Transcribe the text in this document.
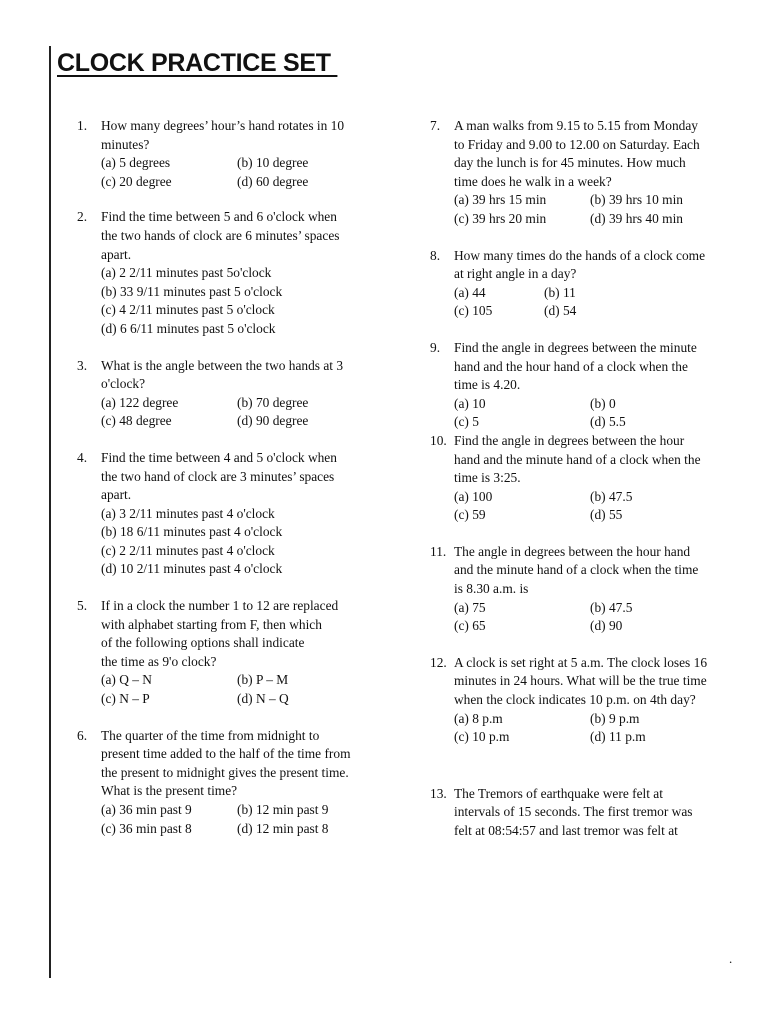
CLOCK PRACTICE SET
1. How many degrees’ hour’s hand rotates in 10
minutes?
(a) 5 degrees	(b) 10 degree
(c) 20 degree	(d) 60 degree
2. Find the time between 5 and 6 o'clock when
the two hands of clock are 6 minutes’ spaces
apart.
(a) 2 2/11 minutes past 5o'clock
(b) 33 9/11 minutes past 5 o'clock
(c) 4 2/11 minutes past 5 o'clock
(d) 6 6/11 minutes past 5 o'clock
3. What is the angle between the two hands at 3
o'clock?
(a) 122 degree	(b) 70 degree
(c) 48 degree	(d) 90 degree
4. Find the time between 4 and 5 o'clock when
the two hand of clock are 3 minutes’ spaces
apart.
(a) 3 2/11 minutes past 4 o'clock
(b) 18 6/11 minutes past 4 o'clock
(c) 2 2/11 minutes past 4 o'clock
(d) 10 2/11 minutes past 4 o'clock
5. If in a clock the number 1 to 12 are replaced
with alphabet starting from F, then which
of the following options shall indicate
the time as 9'o clock?
(a) Q – N	(b) P – M
(c) N – P	(d) N – Q
6. The quarter of the time from midnight to
present time added to the half of the time from
the present to midnight gives the present time.
What is the present time?
(a) 36 min past 9	(b) 12 min past 9
(c) 36 min past 8	(d) 12 min past 8
7. A man walks from 9.15 to 5.15 from Monday
to Friday and 9.00 to 12.00 on Saturday. Each
day the lunch is for 45 minutes. How much
time does he walk in a week?
(a) 39 hrs 15 min	(b) 39 hrs 10 min
(c) 39 hrs 20 min	(d) 39 hrs 40 min
8. How many times do the hands of a clock come
at right angle in a day?
(a) 44	(b) 11
(c) 105	(d) 54
9. Find the angle in degrees between the minute
hand and the hour hand of a clock when the
time is 4.20.
(a) 10	(b) 0
(c) 5	(d) 5.5
10. Find the angle in degrees between the hour
hand and the minute hand of a clock when the
time is 3:25.
(a) 100	(b) 47.5
(c) 59	(d) 55
11. The angle in degrees between the hour hand
and the minute hand of a clock when the time
is 8.30 a.m. is
(a) 75	(b) 47.5
(c) 65	(d) 90
12. A clock is set right at 5 a.m. The clock loses 16
minutes in 24 hours. What will be the true time
when the clock indicates 10 p.m. on 4th day?
(a) 8 p.m	(b) 9 p.m
(c) 10 p.m	(d) 11 p.m
13. The Tremors of earthquake were felt at
intervals of 15 seconds. The first tremor was
felt at 08:54:57 and last tremor was felt at
.
